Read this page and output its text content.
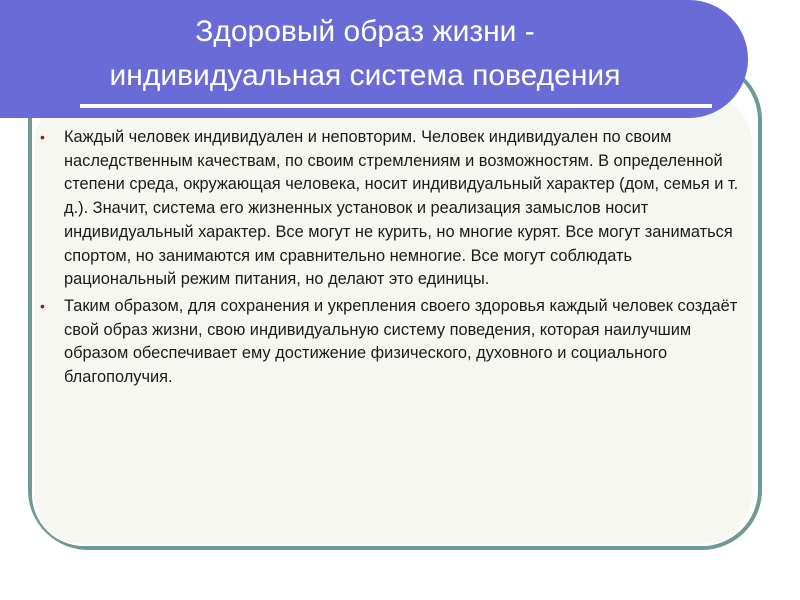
Здоровый образ жизни -
индивидуальная система поведения
• Каждый человек индивидуален и неповторим. Человек индивидуален по своим наследственным качествам, по своим стремлениям и возможностям. В определенной степени среда, окружающая человека, носит индивидуальный характер (дом, семья и т. д.). Значит, система его жизненных установок и реализация замыслов носит индивидуальный характер. Все могут не курить, но многие курят. Все могут заниматься спортом, но занимаются им сравнительно немногие. Все могут соблюдать рациональный режим питания, но делают это единицы.
• Таким образом, для сохранения и укрепления своего здоровья каждый человек создаёт свой образ жизни, свою индивидуальную систему поведения, которая наилучшим образом обеспечивает ему достижение физического, духовного и социального благополучия.
